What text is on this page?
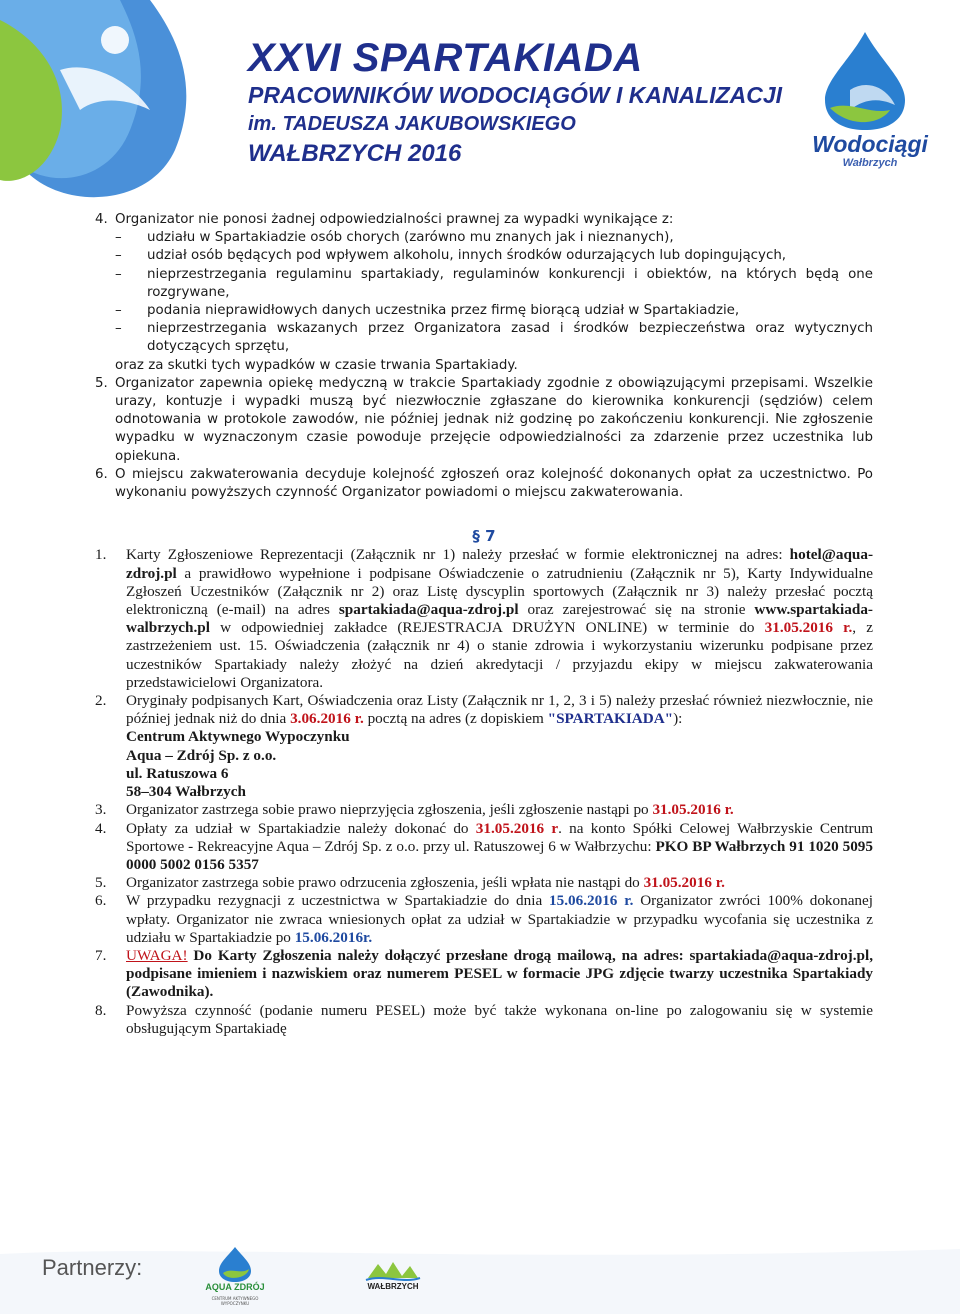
XXVI SPARTAKIADA
PRACOWNIKÓW WODOCIĄGÓW I KANALIZACJI
im. TADEUSZA JAKUBOWSKIEGO
WAŁBRZYCH 2016	Wodociągi
Wałbrzych
4. Organizator nie ponosi żadnej odpowiedzialności prawnej za wypadki wynikające z:
–	udziału w Spartakiadzie osób chorych (zarówno mu znanych jak i nieznanych),
–	udział osób będących pod wpływem alkoholu, innych środków odurzających lub dopingujących,
–	nieprzestrzegania regulaminu spartakiady, regulaminów konkurencji i obiektów, na których będą one rozgrywane,
–	podania nieprawidłowych danych uczestnika przez firmę biorącą udział w Spartakiadzie,
–	nieprzestrzegania wskazanych przez Organizatora zasad i środków bezpieczeństwa oraz wytycznych dotyczących sprzętu,
oraz za skutki tych wypadków w czasie trwania Spartakiady.
5. Organizator zapewnia opiekę medyczną w trakcie Spartakiady zgodnie z obowiązującymi przepisami. Wszelkie urazy, kontuzje i wypadki muszą być niezwłocznie zgłaszane do kierownika konkurencji (sędziów) celem odnotowania w protokole zawodów, nie później jednak niż godzinę po zakończeniu konkurencji. Nie zgłoszenie wypadku w wyznaczonym czasie powoduje przejęcie odpowiedzialności za zdarzenie przez uczestnika lub opiekuna.
6. O miejscu zakwaterowania decyduje kolejność zgłoszeń oraz kolejność dokonanych opłat za uczestnictwo. Po wykonaniu powyższych czynność Organizator powiadomi o miejscu zakwaterowania.
§ 7
1.	Karty Zgłoszeniowe Reprezentacji (Załącznik nr 1) należy przesłać w formie elektronicznej na adres: hotel@aqua-zdroj.pl a prawidłowo wypełnione i podpisane Oświadczenie o zatrudnieniu (Załącznik nr 5), Karty Indywidualne Zgłoszeń Uczestników (Załącznik nr 2) oraz Listę dyscyplin sportowych (Załącznik nr 3) należy przesłać pocztą elektroniczną (e-mail) na adres spartakiada@aqua-zdroj.pl oraz zarejestrować się na stronie www.spartakiada-walbrzych.pl w odpowiedniej zakładce (REJESTRACJA DRUŻYN ONLINE) w terminie do 31.05.2016 r., z zastrzeżeniem ust. 15. Oświadczenia (załącznik nr 4) o stanie zdrowia i wykorzystaniu wizerunku podpisane przez uczestników Spartakiady należy złożyć na dzień akredytacji / przyjazdu ekipy w miejscu zakwaterowania przedstawicielowi Organizatora.
2.	Oryginały podpisanych Kart, Oświadczenia oraz Listy (Załącznik nr 1, 2, 3 i 5) należy przesłać również niezwłocznie, nie później jednak niż do dnia 3.06.2016 r. pocztą na adres (z dopiskiem "SPARTAKIADA"):
Centrum Aktywnego Wypoczynku
Aqua – Zdrój Sp. z o.o.
ul. Ratuszowa 6
58–304 Wałbrzych
3.	Organizator zastrzega sobie prawo nieprzyjęcia zgłoszenia, jeśli zgłoszenie nastąpi po 31.05.2016 r.
4.	Opłaty za udział w Spartakiadzie należy dokonać do 31.05.2016 r. na konto Spółki Celowej Wałbrzyskie Centrum Sportowe - Rekreacyjne Aqua – Zdrój Sp. z o.o. przy ul. Ratuszowej 6 w Wałbrzychu: PKO BP Wałbrzych 91 1020 5095 0000 5002 0156 5357
5.	Organizator zastrzega sobie prawo odrzucenia zgłoszenia, jeśli wpłata nie nastąpi do 31.05.2016 r.
6.	W przypadku rezygnacji z uczestnictwa w Spartakiadzie do dnia 15.06.2016 r. Organizator zwróci 100% dokonanej wpłaty. Organizator nie zwraca wniesionych opłat za udział w Spartakiadzie w przypadku wycofania się uczestnika z udziału w Spartakiadzie po 15.06.2016r.
7.	UWAGA! Do Karty Zgłoszenia należy dołączyć przesłane drogą mailową, na adres: spartakiada@aqua-zdroj.pl, podpisane imieniem i nazwiskiem oraz numerem PESEL w formacie JPG zdjęcie twarzy uczestnika Spartakiady (Zawodnika).
8.	Powyższa czynność (podanie numeru PESEL) może być także wykonana on-line po zalogowaniu się w systemie obsługującym Spartakiadę
Partnerzy:
AQUA ZDRÓJ
CENTRUM AKTYWNEGO WYPOCZYNKU
WAŁBRZYCH
